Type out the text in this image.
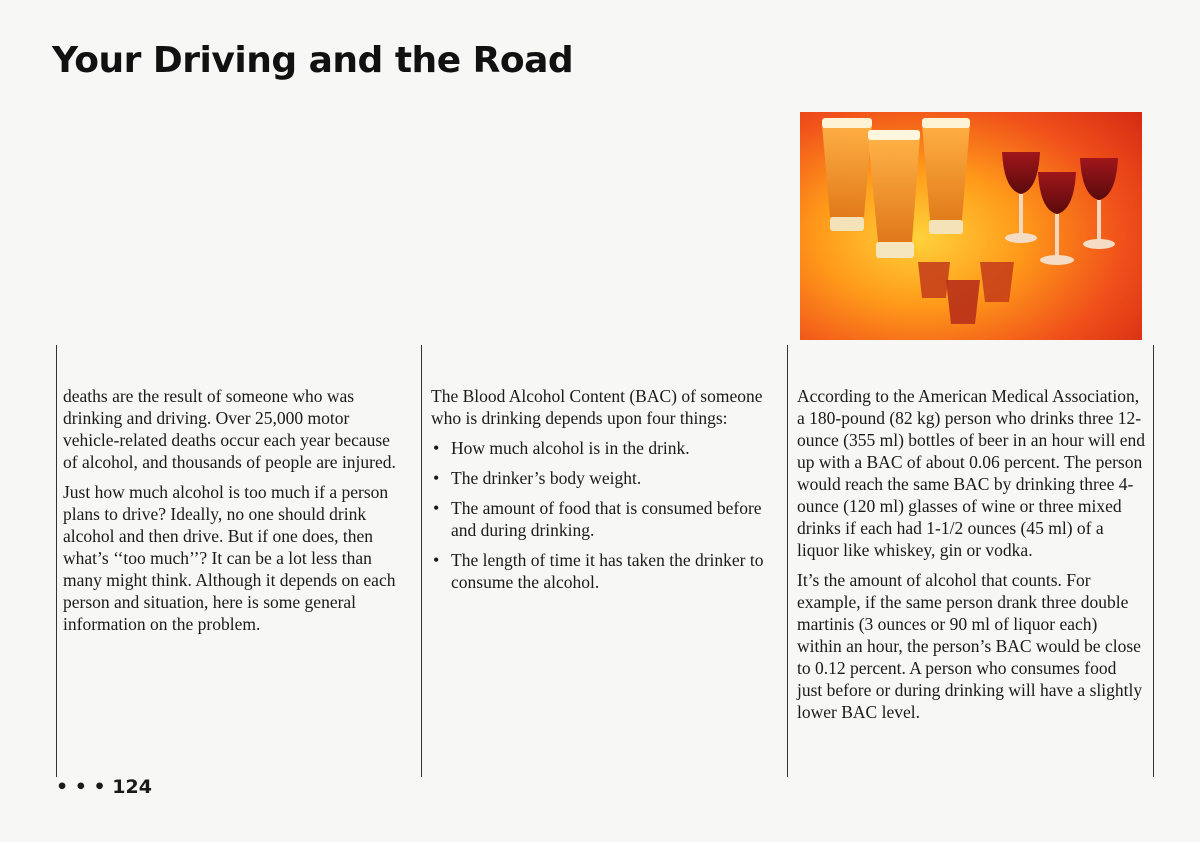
Your Driving and the Road

deaths are the result of someone who was drinking and driving. Over 25,000 motor vehicle-related deaths occur each year because of alcohol, and thousands of people are injured.

Just how much alcohol is too much if a person plans to drive? Ideally, no one should drink alcohol and then drive. But if one does, then what’s ‘‘too much’’? It can be a lot less than many might think. Although it depends on each person and situation, here is some general information on the problem.

The Blood Alcohol Content (BAC) of someone who is drinking depends upon four things:

• How much alcohol is in the drink.
• The drinker’s body weight.
• The amount of food that is consumed before and during drinking.
• The length of time it has taken the drinker to consume the alcohol.

According to the American Medical Association, a 180-pound (82 kg) person who drinks three 12-ounce (355 ml) bottles of beer in an hour will end up with a BAC of about 0.06 percent. The person would reach the same BAC by drinking three 4-ounce (120 ml) glasses of wine or three mixed drinks if each had 1-1/2 ounces (45 ml) of a liquor like whiskey, gin or vodka.

It’s the amount of alcohol that counts. For example, if the same person drank three double martinis (3 ounces or 90 ml of liquor each) within an hour, the person’s BAC would be close to 0.12 percent. A person who consumes food just before or during drinking will have a slightly lower BAC level.

• • • 124
